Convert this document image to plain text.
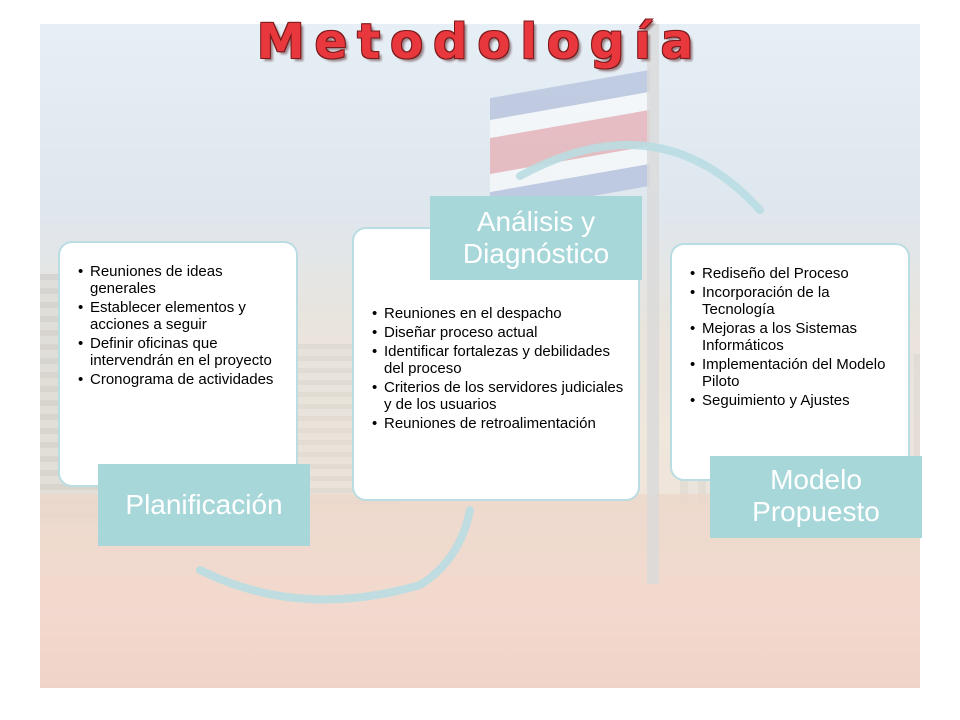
Metodología
• Reuniones de ideas generales
• Establecer elementos y acciones a seguir
• Definir oficinas que intervendrán en el proyecto
• Cronograma de actividades
Planificación
• Reuniones en el despacho
• Diseñar proceso actual
• Identificar fortalezas y debilidades del proceso
• Criterios de los servidores judiciales y de los usuarios
• Reuniones de retroalimentación
Análisis y Diagnóstico
• Rediseño del Proceso
• Incorporación de la Tecnología
• Mejoras a los Sistemas Informáticos
• Implementación del Modelo Piloto
• Seguimiento y Ajustes
Modelo Propuesto
